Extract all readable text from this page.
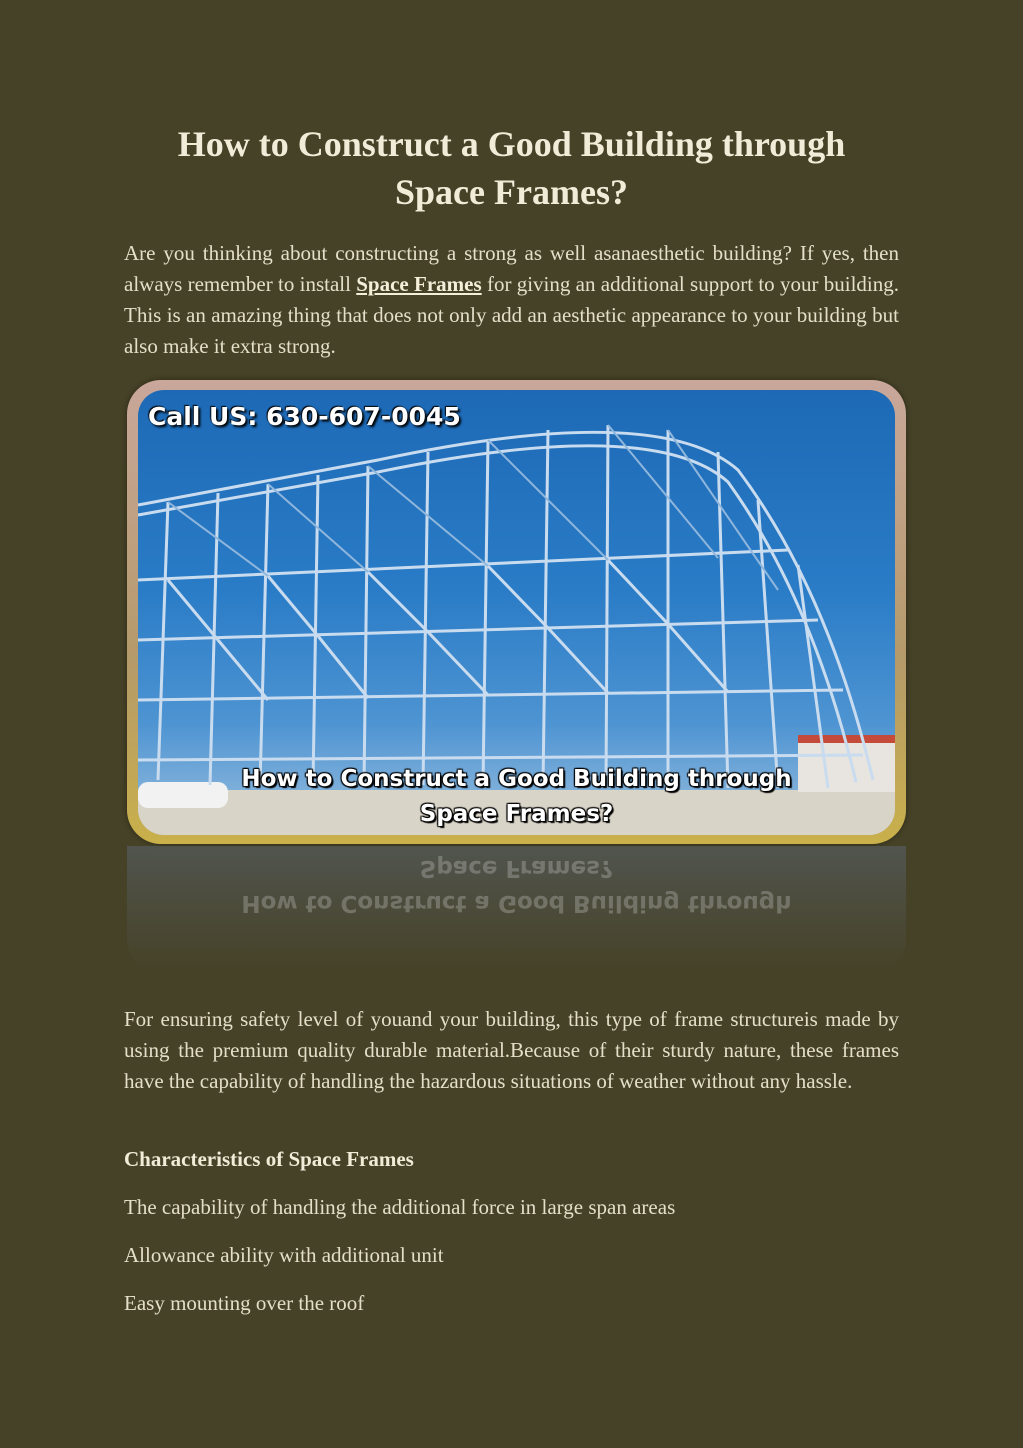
How to Construct a Good Building through
Space Frames?

Are you thinking about constructing a strong as well asanaesthetic building? If yes, then always remember to install Space Frames for giving an additional support to your building. This is an amazing thing that does not only add an aesthetic appearance to your building but also make it extra strong.

Call US: 630-607-0045

How to Construct a Good Building through
Space Frames?

How to Construct a Good Building through
Space Frames?

For ensuring safety level of youand your building, this type of frame structureis made by using the premium quality durable material.Because of their sturdy nature, these frames have the capability of handling the hazardous situations of weather without any hassle.

Characteristics of Space Frames

The capability of handling the additional force in large span areas

Allowance ability with additional unit

Easy mounting over the roof
